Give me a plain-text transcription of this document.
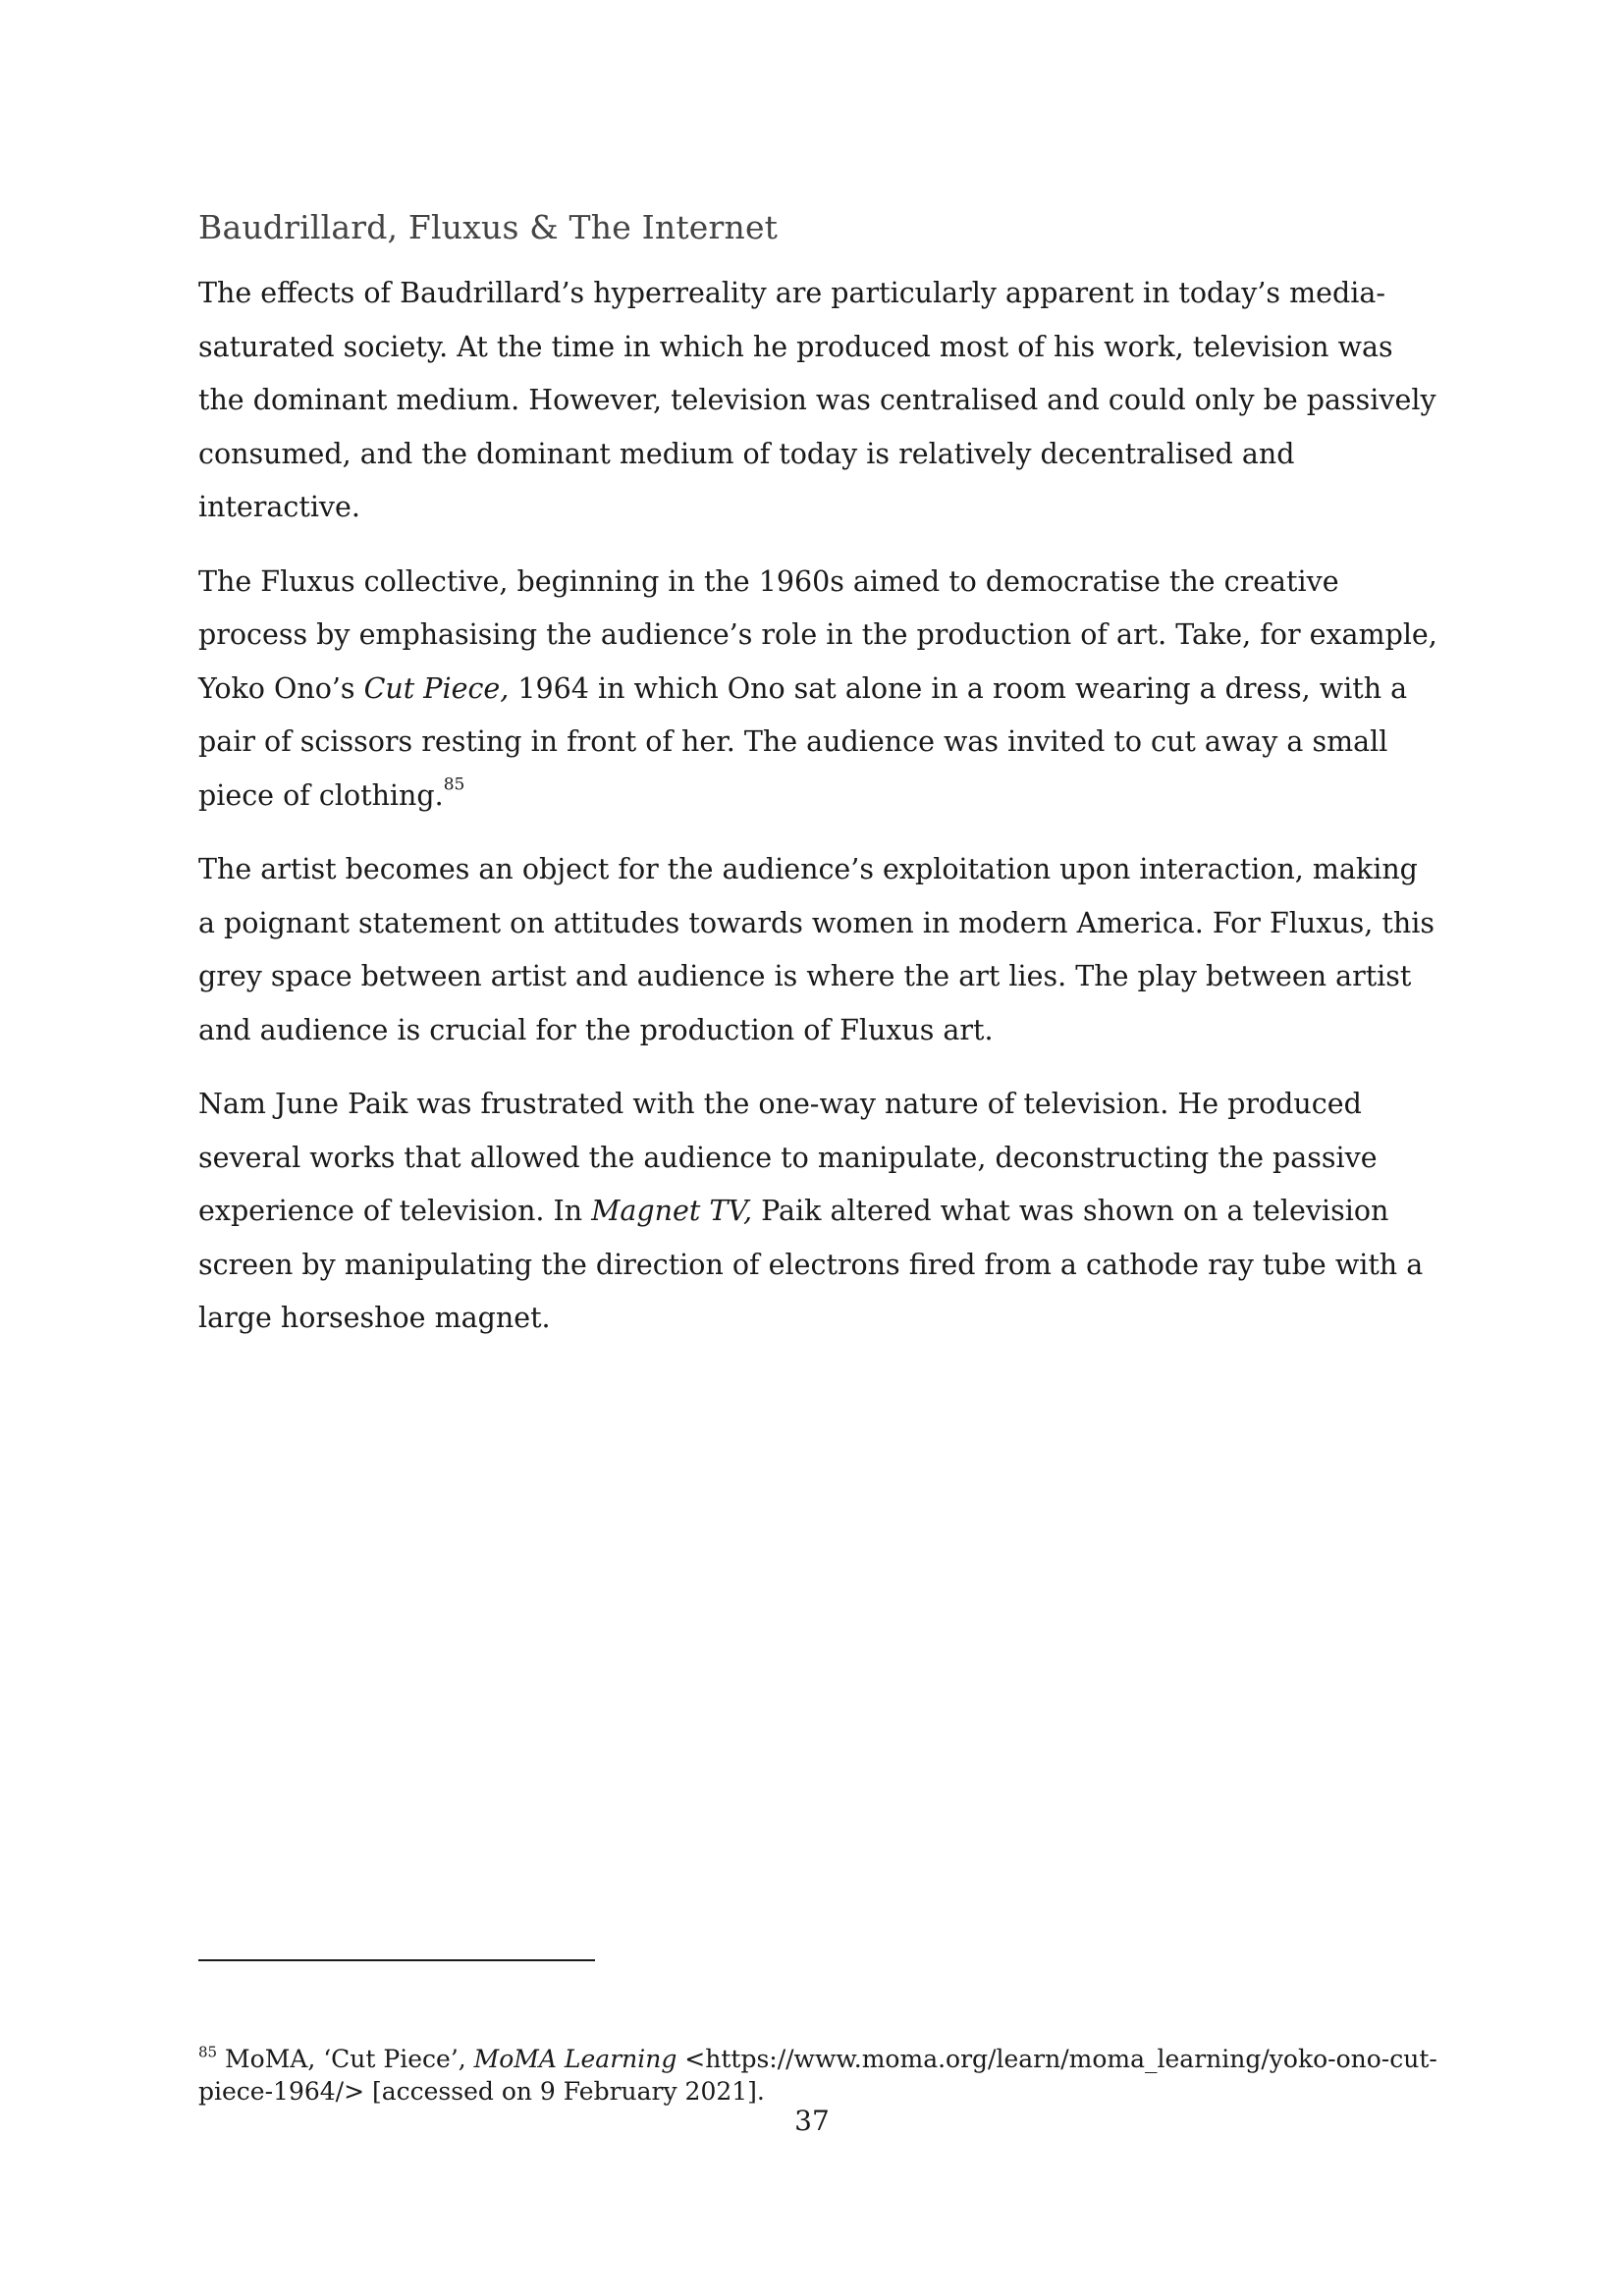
Baudrillard, Fluxus & The Internet

The effects of Baudrillard’s hyperreality are particularly apparent in today’s media-saturated society. At the time in which he produced most of his work, television was the dominant medium. However, television was centralised and could only be passively consumed, and the dominant medium of today is relatively decentralised and interactive.

The Fluxus collective, beginning in the 1960s aimed to democratise the creative process by emphasising the audience’s role in the production of art. Take, for example, Yoko Ono’s Cut Piece, 1964 in which Ono sat alone in a room wearing a dress, with a pair of scissors resting in front of her. The audience was invited to cut away a small piece of clothing.$^{85}$

The artist becomes an object for the audience’s exploitation upon interaction, making a poignant statement on attitudes towards women in modern America. For Fluxus, this grey space between artist and audience is where the art lies. The play between artist and audience is crucial for the production of Fluxus art.

Nam June Paik was frustrated with the one-way nature of television. He produced several works that allowed the audience to manipulate, deconstructing the passive experience of television. In Magnet TV, Paik altered what was shown on a television screen by manipulating the direction of electrons fired from a cathode ray tube with a large horseshoe magnet.

$^{85}$ MoMA, ‘Cut Piece’, MoMA Learning <https://www.moma.org/learn/moma_learning/yoko-ono-cut-piece-1964/> [accessed on 9 February 2021].

37
